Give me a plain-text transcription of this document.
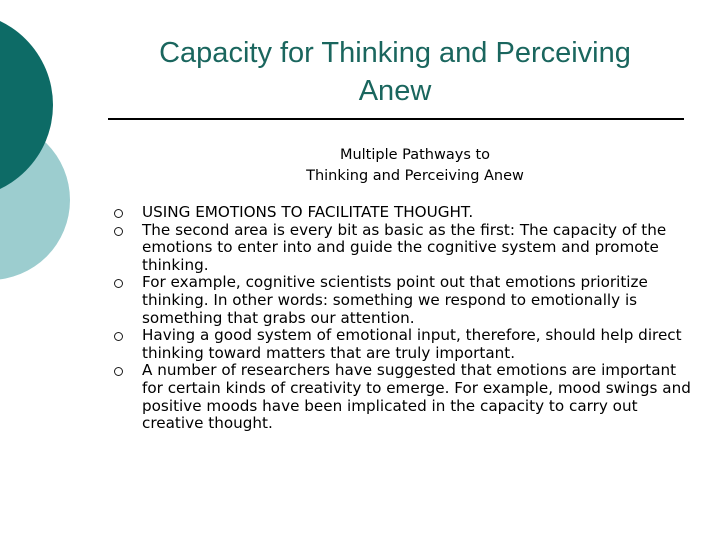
Capacity for Thinking and Perceiving
Anew
Multiple Pathways to
Thinking and Perceiving Anew
USING EMOTIONS TO FACILITATE THOUGHT.
The second area is every bit as basic as the first: The capacity of the emotions to enter into and guide the cognitive system and promote thinking.
For example, cognitive scientists point out that emotions prioritize thinking. In other words: something we respond to emotionally is something that grabs our attention.
Having a good system of emotional input, therefore, should help direct thinking toward matters that are truly important.
A number of researchers have suggested that emotions are important for certain kinds of creativity to emerge. For example, mood swings and positive moods have been implicated in the capacity to carry out creative thought.
